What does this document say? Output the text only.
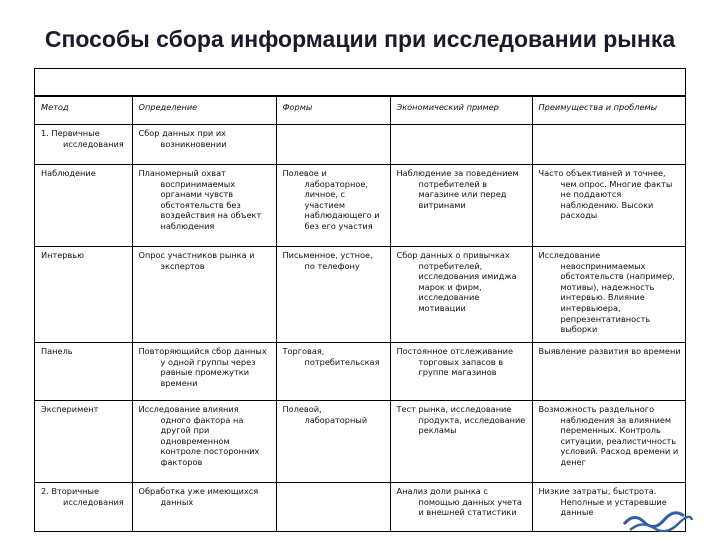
Способы сбора информации при исследовании рынка
Метод	Определение	Формы	Экономический пример	Преимущества и проблемы

1. Первичные исследования	Сбор данных при их возникновении			

Наблюдение	Планомерный охват воспринимаемых органами чувств обстоятельств без воздействия на объект наблюдения	Полевое и лабораторное, личное, с участием наблюдающего и без его участия	Наблюдение за поведением потребителей в магазине или перед витринами	Часто объективней и точнее, чем опрос. Многие факты не поддаются наблюдению. Высоки расходы

Интервью	Опрос участников рынка и экспертов	Письменное, устное, по телефону	Сбор данных о привычках потребителей, исследования имиджа марок и фирм, исследование мотивации	Исследование невоспринимаемых обстоятельств (например, мотивы), надежность интервью. Влияние интервьюера, репрезентативность выборки

Панель	Повторяющийся сбор данных у одной группы через равные промежутки времени	Торговая, потребительская	Постоянное отслеживание торговых запасов в группе магазинов	Выявление развития во времени

Эксперимент	Исследование влияния одного фактора на другой при одновременном контроле посторонних факторов	Полевой, лабораторный	Тест рынка, исследование продукта, исследование рекламы	Возможность раздельного наблюдения за влиянием переменных. Контроль ситуации, реалистичность условий. Расход времени и денег

2. Вторичные исследования	Обработка уже имеющихся данных		Анализ доли рынка с помощью данных учета и внешней статистики	Низкие затраты, быстрота. Неполные и устаревшие данные
